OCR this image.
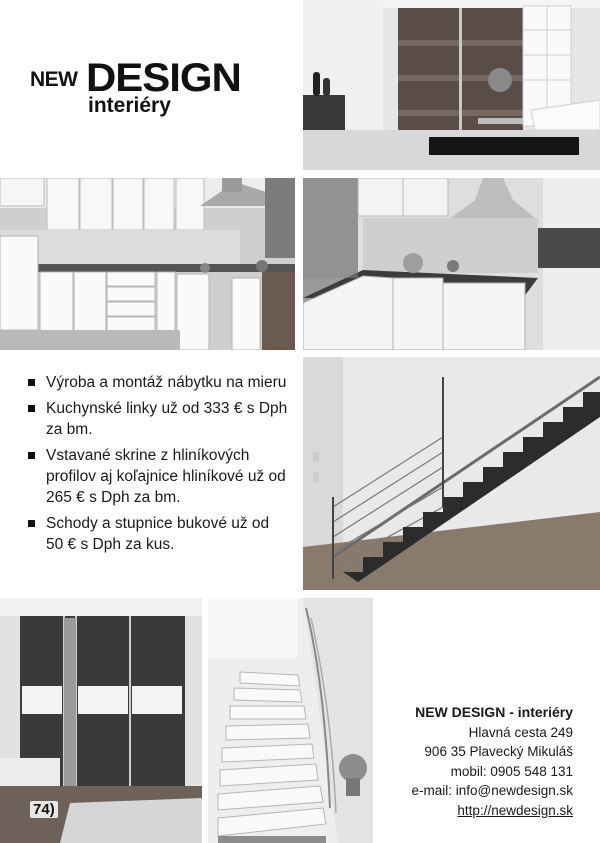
NEW DESIGN
interiéry
Výroba a montáž nábytku na mieru
Kuchynské linky už od 333 € s Dph za bm.
Vstavané skrine z hliníkových profilov aj koľajnice hliníkové už od 265 € s Dph za bm.
Schody a stupnice bukové už od 50 € s Dph za kus.
NEW DESIGN - interiéry
Hlavná cesta 249
906 35 Plavecký Mikuláš
mobil: 0905 548 131
e-mail: info@newdesign.sk
http://newdesign.sk
74)
